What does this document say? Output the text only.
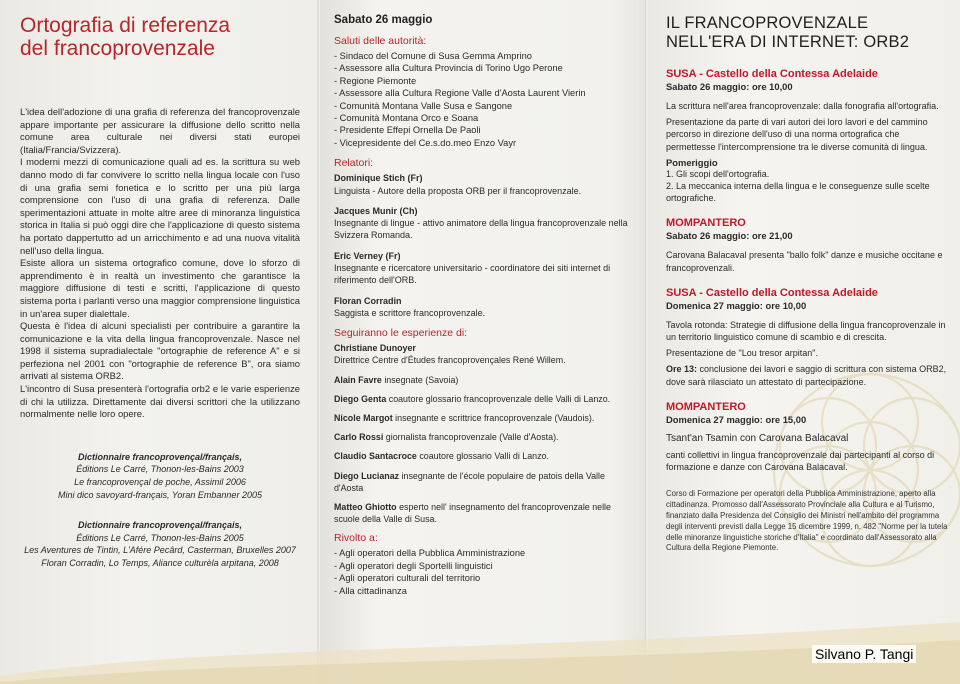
Ortografia di referenza
del francoprovenzale

L'idea dell'adozione di una grafia di referenza del francoprovenzale appare importante per assicurare la diffusione dello scritto nella comune area culturale nei diversi stati europei (Italia/Francia/Svizzera).

I moderni mezzi di comunicazione quali ad es. la scrittura su web danno modo di far convivere lo scritto nella lingua locale con l'uso di una grafia semi fonetica e lo scritto per una più larga comprensione con l'uso di una grafia di referenza. Dalle sperimentazioni attuate in molte altre aree di minoranza linguistica storica in Italia si può oggi dire che l'applicazione di questo sistema ha portato dappertutto ad un arricchimento e ad una nuova vitalità nell'uso della lingua.

Esiste allora un sistema ortografico comune, dove lo sforzo di apprendimento è in realtà un investimento che garantisce la maggiore diffusione di testi e scritti, l'applicazione di questo sistema porta i parlanti verso una maggior comprensione linguistica in un'area super dialettale.

Questa è l'idea di alcuni specialisti per contribuire a garantire la comunicazione e la vita della lingua francoprovenzale. Nasce nel 1998 il sistema supradialectale "ortographie de reference A" e si perfeziona nel 2001 con "ortographie de reference B", ora siamo arrivati al sistema ORB2.

L'incontro di Susa presenterà l'ortografia orb2 e le varie esperienze di chi la utilizza. Direttamente dai diversi scrittori che la utilizzano normalmente nelle loro opere.

Dictionnaire francoprovençal/français,
Éditions Le Carré, Thonon-les-Bains 2003
Le francoprovençal de poche, Assimil 2006
Mini dico savoyard-français, Yoran Embanner 2005
Dictionnaire francoprovençal/français,
Éditions Le Carré, Thonon-les-Bains 2005
Les Aventures de Tintin, L'Afére Pecârd, Casterman, Bruxelles 2007
Floran Corradin, Lo Temps, Aliance culturèla arpitana, 2008
Sabato 26 maggio
Saluti delle autorità:
- Sindaco del Comune di Susa Gemma Amprino
- Assessore alla Cultura Provincia di Torino Ugo Perone
- Regione Piemonte
- Assessore alla Cultura Regione Valle d'Aosta Laurent Vierin
- Comunità Montana Valle Susa e Sangone
- Comunità Montana Orco e Soana
- Presidente Effepi Ornella De Paoli
- Vicepresidente del Ce.s.do.meo Enzo Vayr
Relatori:
Dominique Stich (Fr)
Linguista - Autore della proposta ORB per il francoprovenzale.
Jacques Munir (Ch)
Insegnante di lingue - attivo animatore della lingua francoprovenzale nella Svizzera Romanda.
Eric Verney (Fr)
Insegnante e ricercatore universitario - coordinatore dei siti internet di riferimento dell'ORB.
Floran Corradin
Saggista e scrittore francoprovenzale.
Seguiranno le esperienze di:
Christiane Dunoyer
Direttrice Centre d'Études francoprovençales René Willem.
Alain Favre insegnate (Savoia)
Diego Genta coautore glossario francoprovenzale delle Valli di Lanzo.
Nicole Margot insegnante e scrittrice francoprovenzale (Vaudois).
Carlo Rossi giornalista francoprovenzale (Valle d'Aosta).
Claudio Santacroce coautore glossario Valli di Lanzo.
Diego Lucianaz insegnante de l'école populaire de patois della Valle d'Aosta
Matteo Ghiotto esperto nell' insegnamento del francoprovenzale nelle scuole della Valle di Susa.
Rivolto a:
- Agli operatori della Pubblica Amministrazione
- Agli operatori degli Sportelli linguistici
- Agli operatori culturali del territorio
- Alla cittadinanza
IL FRANCOPROVENZALE
NELL'ERA DI INTERNET: ORB2
SUSA - Castello della Contessa Adelaide
Sabato 26 maggio: ore 10,00
La scrittura nell'area francoprovenzale: dalla fonografia all'ortografia.
Presentazione da parte di vari autori dei loro lavori e del cammino percorso in direzione dell'uso di una norma ortografica che permettesse l'intercomprensione tra le diverse comunità di lingua.
Pomeriggio
1. Gli scopi dell'ortografia.
2. La meccanica interna della lingua e le conseguenze sulle scelte ortografiche.
MOMPANTERO
Sabato 26 maggio: ore 21,00
Carovana Balacaval presenta "ballo folk" danze e musiche occitane e francoprovenzali.
SUSA - Castello della Contessa Adelaide
Domenica 27 maggio: ore 10,00
Tavola rotonda: Strategie di diffusione della lingua francoprovenzale in un territorio linguistico comune di scambio e di crescita.
Presentazione de "Lou tresor arpitan".
Ore 13: conclusione dei lavori e saggio di scrittura con sistema ORB2, dove sarà rilasciato un attestato di partecipazione.
MOMPANTERO
Domenica 27 maggio: ore 15,00
Tsant'an Tsamin con Carovana Balacaval
canti collettivi in lingua francoprovenzale dai partecipanti al corso di formazione e danze con Carovana Balacaval.
Corso di Formazione per operatori della Pubblica Amministrazione, aperto alla cittadinanza. Promosso dall'Assessorato Provinciale alla Cultura e al Turismo, finanziato dalla Presidenza del Consiglio dei Ministri nell'ambito del programma degli interventi previsti dalla Legge 15 dicembre 1999, n. 482 "Norme per la tutela delle minoranze linguistiche storiche d'Italia" e coordinato dall'Assessorato alla Cultura della Regione Piemonte.
Silvano P. Tangi
